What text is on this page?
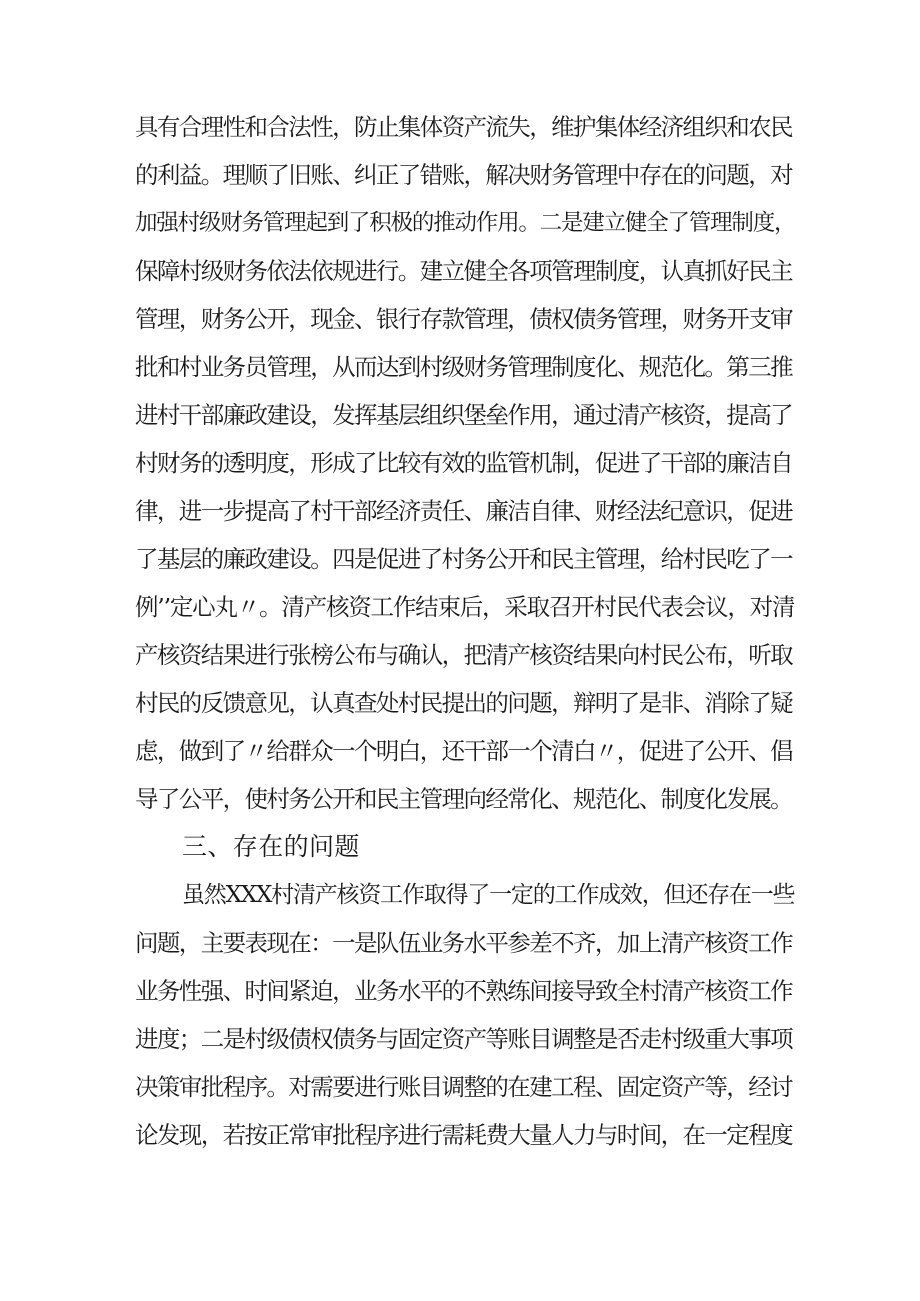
具有合理性和合法性，防止集体资产流失，维护集体经济组织和农民

的利益。理顺了旧账、纠正了错账，解决财务管理中存在的问题，对

加强村级财务管理起到了积极的推动作用。二是建立健全了管理制度，

保障村级财务依法依规进行。建立健全各项管理制度，认真抓好民主

管理，财务公开，现金、银行存款管理，债权债务管理，财务开支审

批和村业务员管理，从而达到村级财务管理制度化、规范化。第三推

进村干部廉政建设，发挥基层组织堡垒作用，通过清产核资，提高了

村财务的透明度，形成了比较有效的监管机制，促进了干部的廉洁自

律，进一步提高了村干部经济责任、廉洁自律、财经法纪意识，促进

了基层的廉政建设。四是促进了村务公开和民主管理，给村民吃了一

例’’定心丸〃。清产核资工作结束后，采取召开村民代表会议，对清

产核资结果进行张榜公布与确认，把清产核资结果向村民公布，听取

村民的反馈意见，认真查处村民提出的问题，辩明了是非、消除了疑

虑，做到了〃给群众一个明白，还干部一个清白〃，促进了公开、倡

导了公平，使村务公开和民主管理向经常化、规范化、制度化发展。

三、存在的问题

虽然XXX村清产核资工作取得了一定的工作成效，但还存在一些

问题，主要表现在：一是队伍业务水平参差不齐，加上清产核资工作

业务性强、时间紧迫，业务水平的不熟练间接导致全村清产核资工作

进度；二是村级债权债务与固定资产等账目调整是否走村级重大事项

决策审批程序。对需要进行账目调整的在建工程、固定资产等，经讨

论发现，若按正常审批程序进行需耗费大量人力与时间，在一定程度
